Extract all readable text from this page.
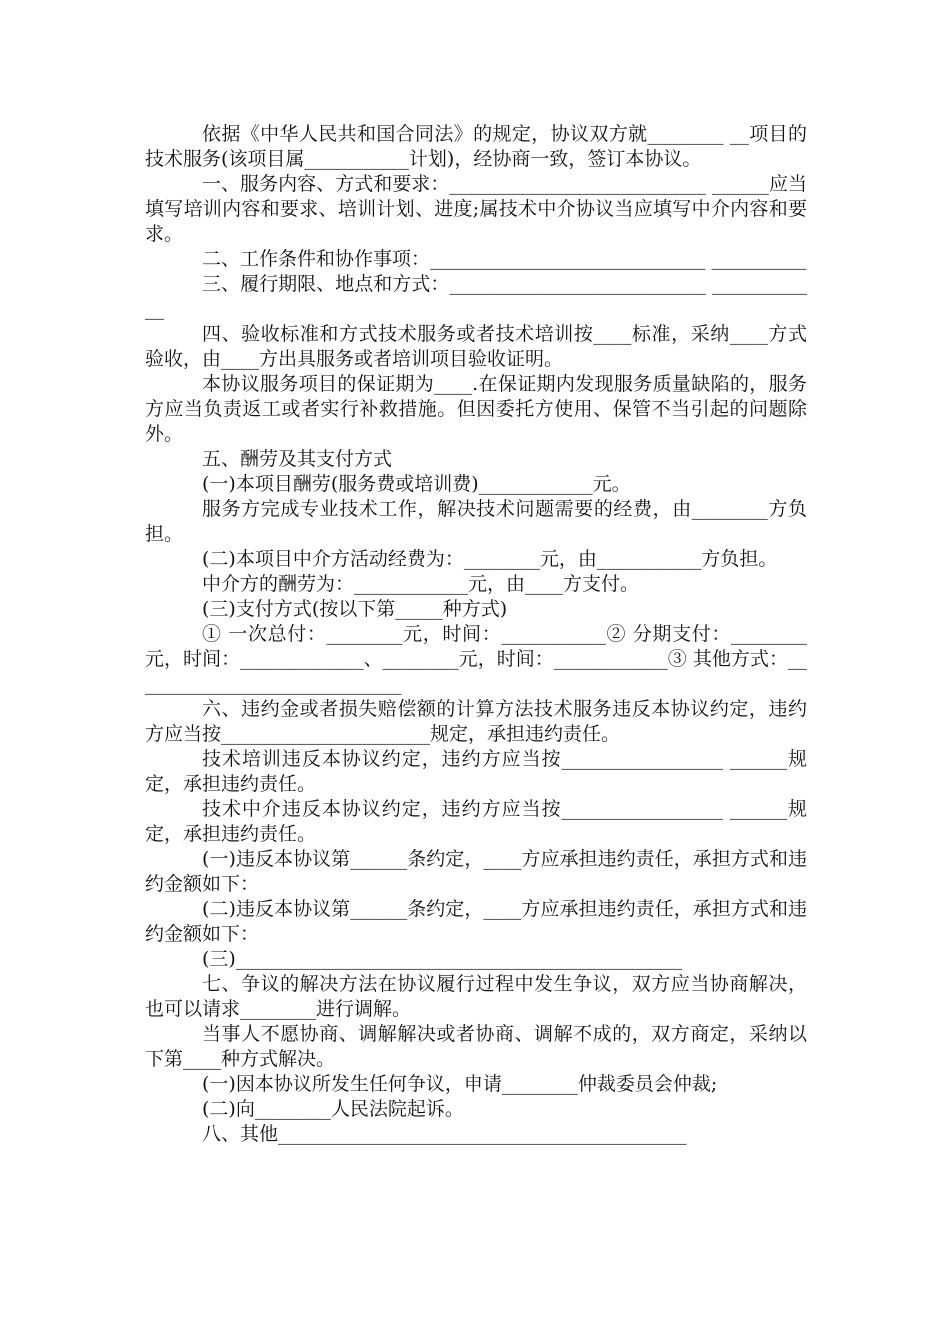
依据《中华人民共和国合同法》的规定，协议双方就________ __项目的技术服务(该项目属___________计划)，经协商一致，签订本协议。

一、服务内容、方式和要求：___________________________ ______应当填写培训内容和要求、培训计划、进度;属技术中介协议当应填写中介内容和要求。

二、工作条件和协作事项：_____________________________ __________

三、履行期限、地点和方式：___________________________ ____________

四、验收标准和方式技术服务或者技术培训按____标准，采纳____方式验收，由____方出具服务或者培训项目验收证明。

本协议服务项目的保证期为____.在保证期内发现服务质量缺陷的，服务方应当负责返工或者实行补救措施。但因委托方使用、保管不当引起的问题除外。

五、酬劳及其支付方式

(一)本项目酬劳(服务费或培训费)____________元。

服务方完成专业技术工作，解决技术问题需要的经费，由________方负担。

(二)本项目中介方活动经费为：________元，由___________方负担。

中介方的酬劳为：____________元，由____方支付。

(三)支付方式(按以下第_____种方式)

① 一次总付：________元，时间：___________② 分期支付：________元，时间：_____________、________元，时间：____________③ 其他方式：_____________________________

六、违约金或者损失赔偿额的计算方法技术服务违反本协议约定，违约方应当按______________________规定，承担违约责任。

技术培训违反本协议约定，违约方应当按_________________ ______规定，承担违约责任。

技术中介违反本协议约定，违约方应当按_________________ ______规定，承担违约责任。

(一)违反本协议第______条约定，____方应承担违约责任，承担方式和违约金额如下：

(二)违反本协议第______条约定，____方应承担违约责任，承担方式和违约金额如下：

(三)_______________________________________________

七、争议的解决方法在协议履行过程中发生争议，双方应当协商解决，也可以请求________进行调解。

当事人不愿协商、调解解决或者协商、调解不成的，双方商定，采纳以下第____种方式解决。

(一)因本协议所发生任何争议，申请________仲裁委员会仲裁;

(二)向________人民法院起诉。

八、其他___________________________________________
